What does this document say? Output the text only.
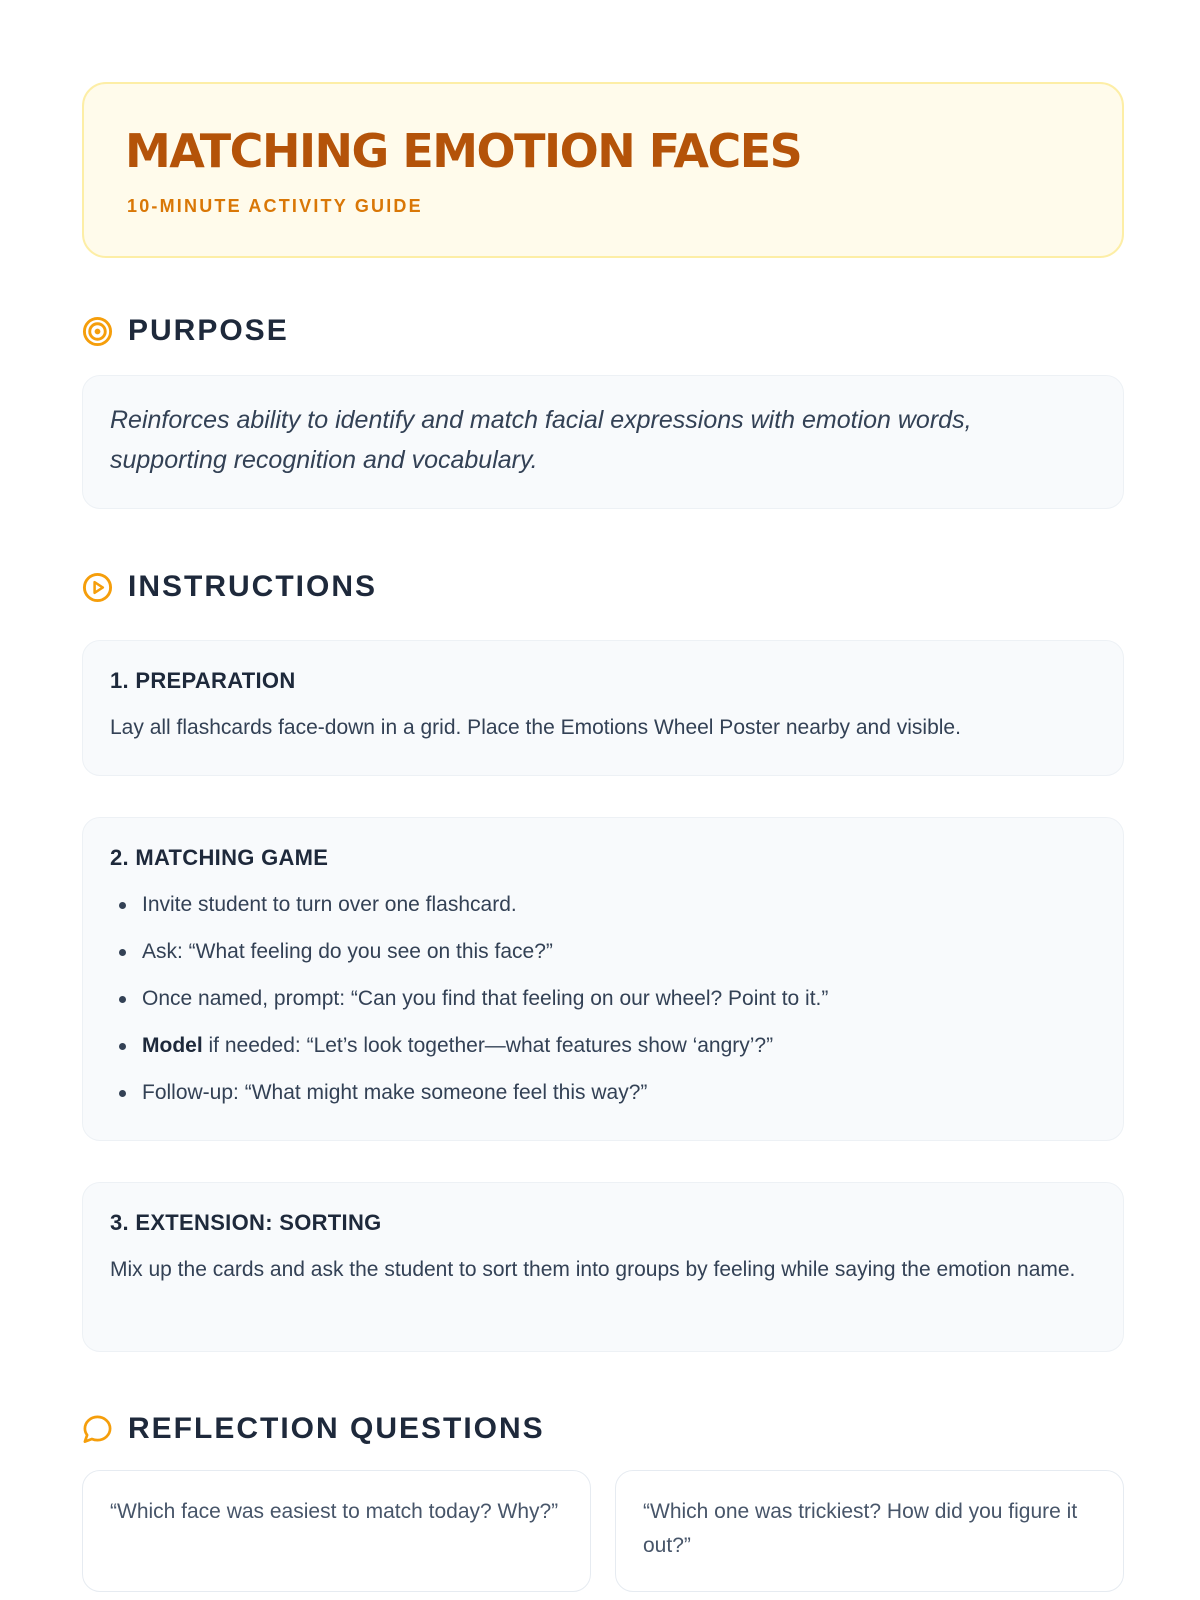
MATCHING EMOTION FACES
10-MINUTE ACTIVITY GUIDE
PURPOSE

Reinforces ability to identify and match facial expressions with emotion words, supporting recognition and vocabulary.

INSTRUCTIONS
1. PREPARATION

Lay all flashcards face-down in a grid. Place the Emotions Wheel Poster nearby and visible.

2. MATCHING GAME
Invite student to turn over one flashcard.
Ask: “What feeling do you see on this face?”
Once named, prompt: “Can you find that feeling on our wheel? Point to it.”
Model if needed: “Let’s look together—what features show ‘angry’?”
Follow-up: “What might make someone feel this way?”
3. EXTENSION: SORTING

Mix up the cards and ask the student to sort them into groups by feeling while saying the emotion name.

REFLECTION QUESTIONS

“Which face was easiest to match today? Why?”	“Which one was trickiest? How did you figure it out?”
